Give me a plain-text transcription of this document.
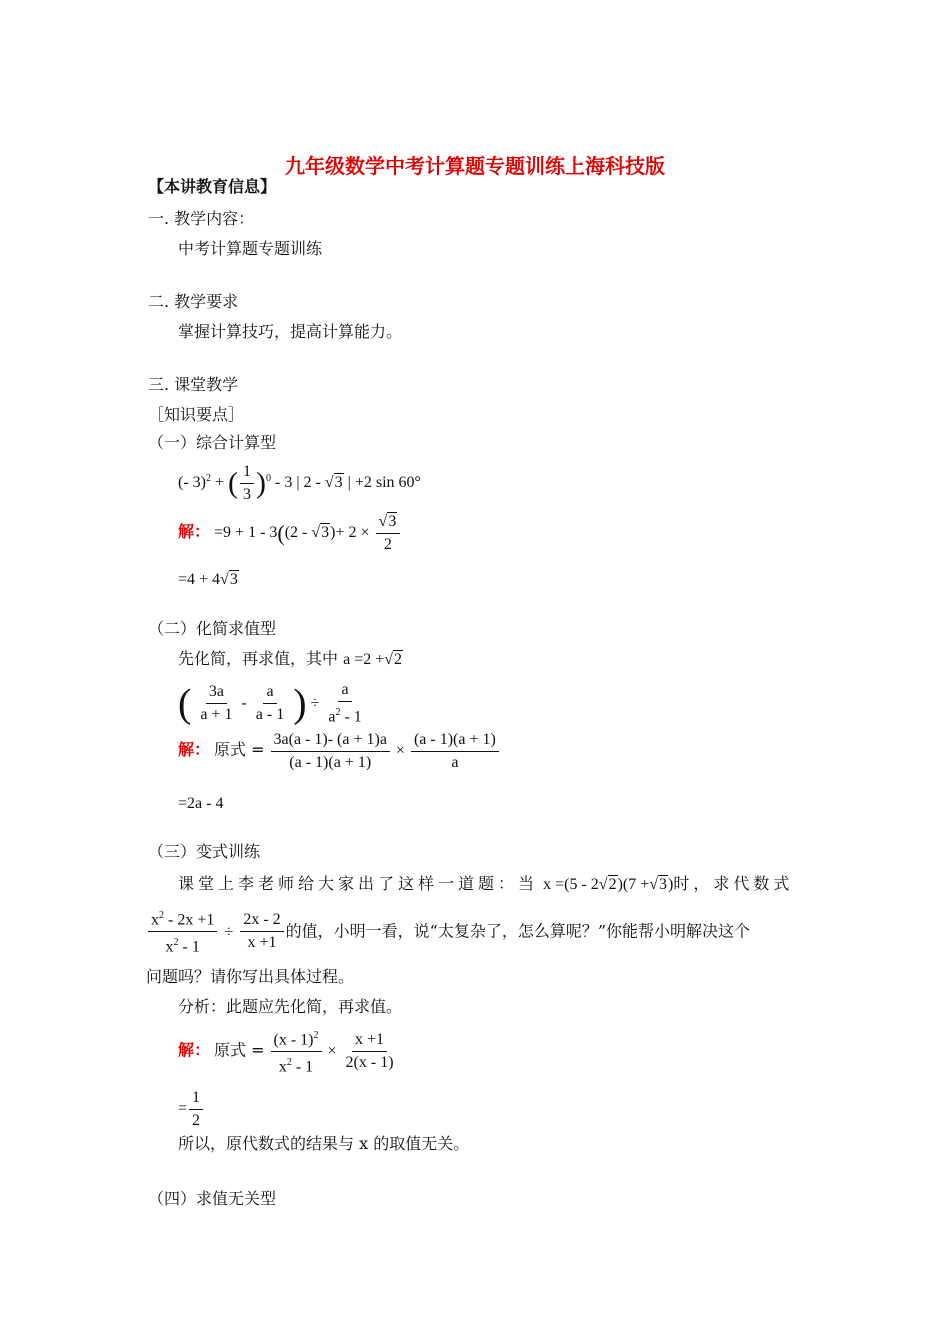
九年级数学中考计算题专题训练上海科技版
【本讲教育信息】
一. 教学内容：
中考计算题专题训练
二. 教学要求
掌握计算技巧，提高计算能力。
三. 课堂教学
［知识要点］
（一）综合计算型
(- 3)$^2$ + ( $\frac{1}{3} )^0 - 3$ | 2 - √3 | +2 sin 60°
解： $=9 + 1 - 3((2 - √3)+ 2 \times \frac{√3}{2}$
=4 + 4√3
（二）化简求值型
先化简，再求值，其中 a =2 +√2
( $\frac{3a}{a + 1} - \frac{a}{a - 1}$ ) ÷ $\frac{a}{a^2 - 1}$
解： 原式 = $\frac{3a(a - 1)- (a + 1)a}{(a - 1)(a + 1)} \times \frac{(a - 1)(a + 1)}{a}$
=2a - 4
（三）变式训练
课堂上李老师给大家出了这样一道题：当 x =(5 - 2√2)(7 +√3)时，求代数式
$\frac{x^2 - 2x +1}{x^2 - 1} \div \frac{2x - 2}{x +1}$ 的值，小明一看，说“太复杂了，怎么算呢？”你能帮小明解决这个
问题吗？请你写出具体过程。
分析：此题应先化简，再求值。
解： 原式 = $\frac{(x - 1)^2}{x^2 - 1} \times \frac{x +1}{2(x - 1)}$
= $\frac{1}{2}$
所以，原代数式的结果与 x 的取值无关。
（四）求值无关型
